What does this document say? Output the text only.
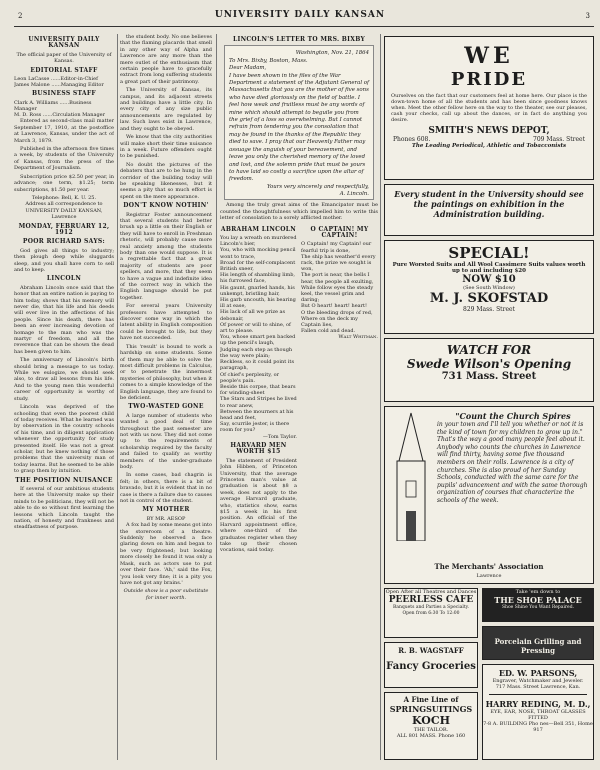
2	UNIVERSITY DAILY KANSAN	3
UNIVERSITY DAILY KANSAN
The official paper of the University of Kansas.
EDITORIAL STAFF
Leon LaCasse ......Editor-in-Chief
James Malone ......Managing Editor
BUSINESS STAFF
Clark A. Williams ......Business Manager
M. D. Ross ......Circulation Manager

Entered as second-class mail matter September 17, 1910, at the postoffice at Lawrence, Kansas, under the act of March 3, 1879.

Published in the afternoon five times a week, by students of the University of Kansas, from the press of the Department of Journalism.

Subscription price $2.50 per year, in advance; one term, $1.25; term subscriptions, $1.50 per year.

Telephone: Bell, K. U. 25.
Address all correspondence to UNIVERSITY DAILY KANSAN, Lawrence
MONDAY, FEBRUARY 12, 1912
POOR RICHARD SAYS:

God gives all things to industry; then plough deep while sluggards sleep, and you shall have corn to sell and to keep.

LINCOLN

Abraham Lincoln once said that the honor that an entire nation is paying to him today, shows that his memory will never die, that his life and his deeds will ever live in the affections of his people. Since his death, there has been an ever increasing devotion of homage to the man who was the martyr of freedom, and all the reverence that can be shown the dead has been given to him.

The anniversary of Lincoln's birth should bring a message to us today. While we eulogize, we should seek also, to draw all lessons from his life. And to the young men this wonderful career of opportunity is worthy of study.

Lincoln was deprived of the schooling that even the poorest child of today receives. What he learned was by observation in the country schools of his time, and in diligent application whenever the opportunity for study presented itself. He was not a great scholar, but he knew nothing of those problems that the university man of today learns. But he seemed to be able to grasp them by intuition.

THE POSITION NUISANCE

If several of our ambitious students here at the University make up their minds to be politicians, they will not be able to do so without first learning the lessons which Lincoln taught the nation, of honesty and frankness and steadfastness of purpose.

the student body. No one believes that the flaming placards that smell in any other way of Alpha and Lawrence are any more than the mere outlet of the enthusiasm that certain people have to gracefully extract from long suffering students a great part of their patrimony.

The University of Kansas, its campus, and its adjacent streets and buildings have a little city. In every city of any size public announcements are regulated by law. Such laws exist in Lawrence, and they ought to be obeyed.

We know that the city authorities will make short their time nuisance in a week. Future offenders ought to be punished.

No doubt the pictures of the debaters that are to be hung in the corridor of the building today will be speaking likenesses, but it seems a pity that so much effort is spent on the mere appearance.

DON'T KNOW NOTHIN'

Registrar Foster announcement that several students had better brush up a little on their English or they will have to enroll in Freshman rhetoric, will probably cause more real anxiety among the students body than one would suppose. It is a regrettable fact that a great majority of students are poor spellers, and more, that they seem to have a vague and indefinite idea of the correct way in which the English language should be put together.

For several years University professors have attempted to discover some way in which the latent ability in English composition could be brought to life, but they have not succeeded.

This 'result' is bound to work a hardship on some students. Some of them may be able to solve the most difficult problems in Calculus, or to penetrate the innermost mysteries of philosophy, but when it comes to a simple knowledge of the English language, they are found to be deficient.

TWO-WASTED GONE

A large number of students who wanted a good deal of time throughout the past semester are not with us now. They did not come up to the requirements of scholarship required by the faculty and failed to qualify as worthy members of the under-graduate body.

In some cases, bad chagrin is felt; in others, there is a bit of bravado, but it is evident that in no case is there a failure due to causes not in control of the student.

MY MOTHER
BY MR. AESOP

A fox had by some means got into the storeroom of a theatre. Suddenly he observed a face glaring down on him and began to be very frightened; but looking more closely he found it was only a Mask, such as actors use to put over their face. 'Ah,' said the Fox, 'you look very fine; it is a pity you have not got any brains.'

Outside show is a poor substitute for inner worth.
LINCOLN'S LETTER TO MRS. BIXBY
Washington, Nov. 21, 1864
To Mrs. Bixby, Boston, Mass.
Dear Madam,
I have been shown in the files of the War Department a statement of the Adjutant General of Massachusetts that you are the mother of five sons who have died gloriously on the field of battle. I feel how weak and fruitless must be any words of mine which should attempt to beguile you from the grief of a loss so overwhelming. But I cannot refrain from tendering you the consolation that may be found in the thanks of the Republic they died to save. I pray that our Heavenly Father may assuage the anguish of your bereavement, and leave you only the cherished memory of the loved and lost, and the solemn pride that must be yours to have laid so costly a sacrifice upon the altar of freedom.
Yours very sincerely and respectfully,
A. Lincoln.

Among the truly great aims of the Emancipator must be counted the thoughtfulness which impelled him to write this letter of consolation to a sorely afflicted mother.

ABRAHAM LINCOLN
You lay a wreath on murdered Lincoln's bier,
You, who with mocking pencil wont to trace,
Broad for the self-complacent British sneer,
His length of shambling limb, his furrowed face,
His gaunt, gnarled hands, his unkempt, bristling hair,
His garb uncouth, his bearing ill at ease,
His lack of all we prize as debonair,
Of power or will to shine, of art to please.
You, whose smart pen backed up the pencil's laugh,
Judging each step as though the way were plain;
Reckless, so it could point its paragraph,
Of chief's perplexity, or people's pain.
Beside this corpse, that bears for winding-sheet
The Stars and Stripes he lived to rear anew,
Between the mourners at his head and feet,
Say, scurrile jester, is there room for you?
—Tom Taylor.
HARVARD MEN WORTH $15

The statement of President John Hibben, of Princeton University, that the average Princeton man's value at graduation is about $8 a week, does not apply to the average Harvard graduate, who, statistics show, earns $15 a week in his first position. An official of the Harvard appointment office, where one-third of the graduates register when they take up their chosen vocations, said today.

O CAPTAIN! MY CAPTAIN!
O Captain! my Captain! our fearful trip is done,
The ship has weather'd every rack, the prize we sought is won,
The port is near, the bells I hear, the people all exulting,
While follow eyes the steady keel, the vessel grim and daring;
But O heart! heart! heart!
O the bleeding drops of red,
Where on the deck my Captain lies,
Fallen cold and dead.
Walt Whitman.
WE
PRIDE
Ourselves on the fact that our customers feel at home here. Our place is the down-town home of all the students and has been since goodness knows when. Meet the other fellow here on the way to the theater, see our pleases, cash your checks, call up about the dances, or in fact do anything you desire.
SMITH'S NEWS DEPOT,
Phones 608.	709 Mass. Street
The Leading Periodical, Athletic and Tobacconists
Every student in the University should see the paintings on exhibition in the Administration building.
SPECIAL!
Pure Worsted Suits and All Wool Cassimere Suits values worth up to and including $20
NOW $10
(See South Window)
M. J. SKOFSTAD
829 Mass. Street
WATCH FOR
Swede Wilson's Opening
731 Mass. Street
"Count the Church Spires
in your town and I'll tell you whether or not it is the kind of town for my children to grow up in." That's the way a good many people feel about it. Anybody who counts the churches in Lawrence will find thirty, having some five thousand members on their rolls. Lawrence is a city of churches. She is also proud of her Sunday Schools, conducted with the same care for the pupils' advancement and with the same thorough organization of courses that characterize the schools of the week.
The Merchants' Association
Lawrence
Open After all Theatres and Dances
PEERLESS CAFE
Banquets and Parties a Specialty. Open from 6:30 To 12:00
R. B. WAGSTAFF
Fancy Groceries
A Fine Line of
SPRINGSUITINGS
KOCH
THE TAILOR.
ALL 801 MASS. Phone 160
Take 'em down to
THE SHOE PALACE
Shoe Shine You Want Repaired.
Porcelain Grilling and Pressing
ED. W. PARSONS,
Engraver, Watchmaker and Jeweler.
717 Mass. Street Lawrence, Kan.
HARRY REDING, M. D.,
EYE, EAR, NOSE, THROAT GLASSES FITTED
7-8 A. BUILDING Pho nes—Bell 351, Home 917
